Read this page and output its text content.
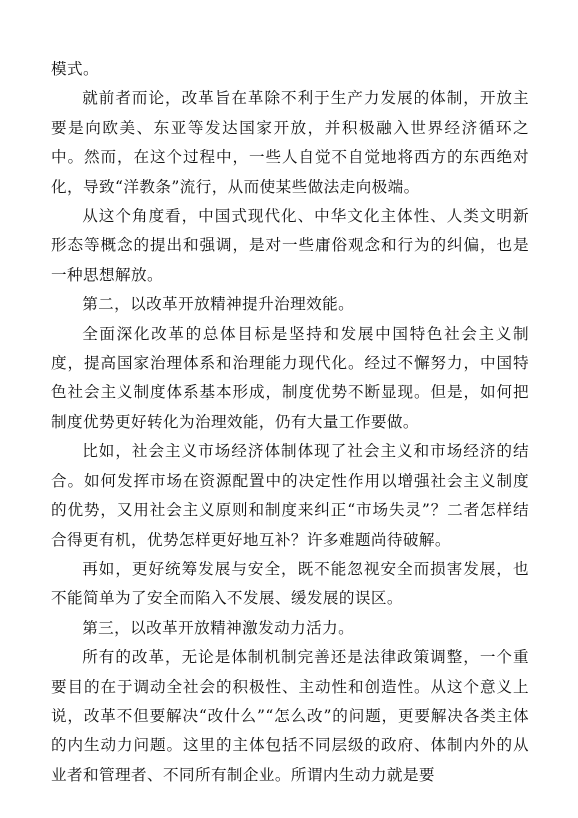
模式。

就前者而论，改革旨在革除不利于生产力发展的体制，开放主要是向欧美、东亚等发达国家开放，并积极融入世界经济循环之中。然而，在这个过程中，一些人自觉不自觉地将西方的东西绝对化，导致“洋教条”流行，从而使某些做法走向极端。

从这个角度看，中国式现代化、中华文化主体性、人类文明新形态等概念的提出和强调，是对一些庸俗观念和行为的纠偏，也是一种思想解放。

第二，以改革开放精神提升治理效能。

全面深化改革的总体目标是坚持和发展中国特色社会主义制度，提高国家治理体系和治理能力现代化。经过不懈努力，中国特色社会主义制度体系基本形成，制度优势不断显现。但是，如何把制度优势更好转化为治理效能，仍有大量工作要做。

比如，社会主义市场经济体制体现了社会主义和市场经济的结合。如何发挥市场在资源配置中的决定性作用以增强社会主义制度的优势，又用社会主义原则和制度来纠正“市场失灵”？二者怎样结合得更有机，优势怎样更好地互补？许多难题尚待破解。

再如，更好统筹发展与安全，既不能忽视安全而损害发展，也不能简单为了安全而陷入不发展、缓发展的误区。

第三，以改革开放精神激发动力活力。

所有的改革，无论是体制机制完善还是法律政策调整，一个重要目的在于调动全社会的积极性、主动性和创造性。从这个意义上说，改革不但要解决“改什么”“怎么改”的问题，更要解决各类主体的内生动力问题。这里的主体包括不同层级的政府、体制内外的从业者和管理者、不同所有制企业。所谓内生动力就是要
